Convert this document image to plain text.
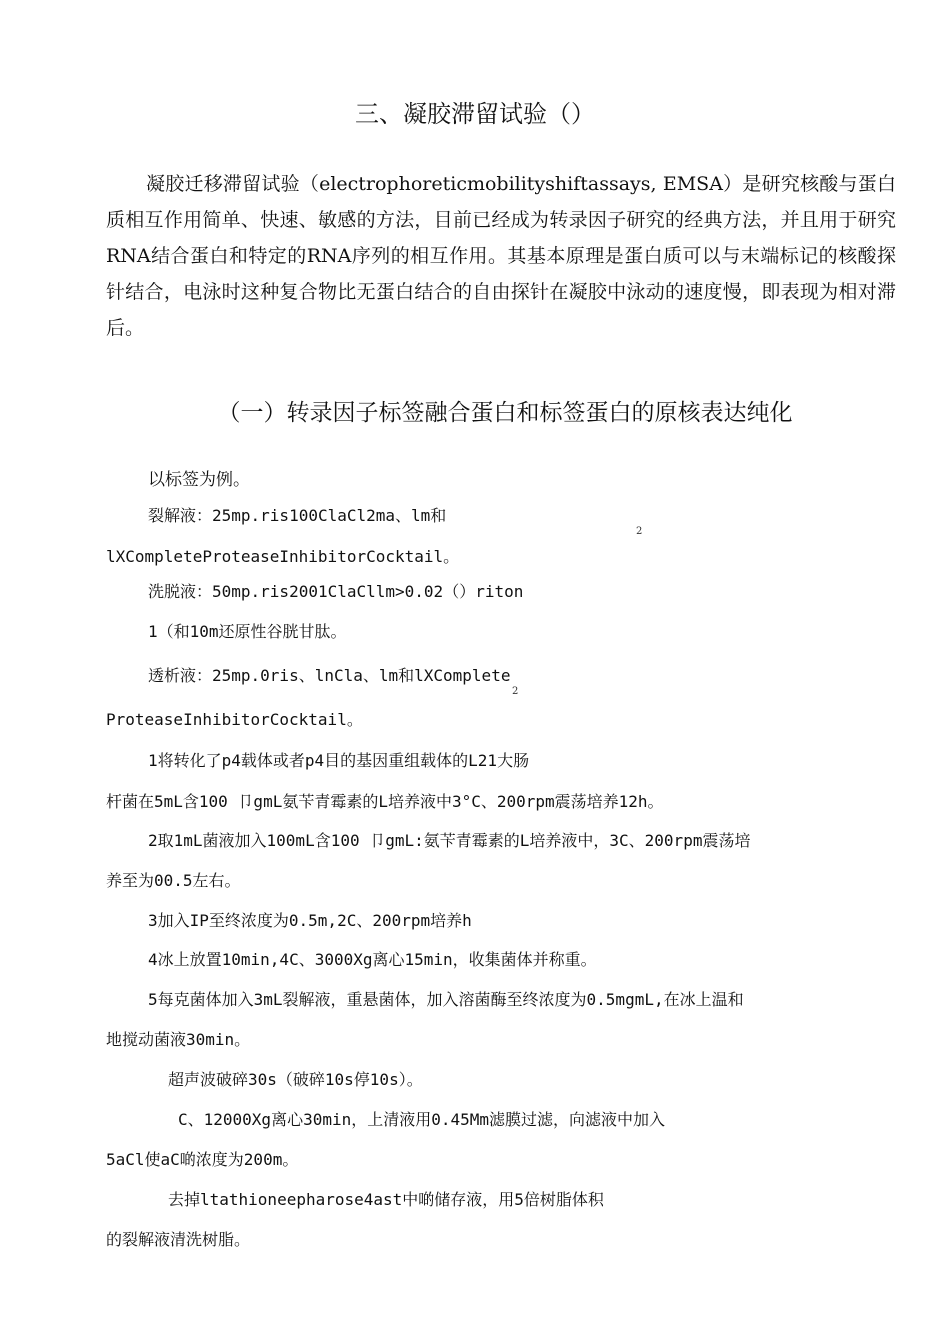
三、凝胶滞留试验（）

凝胶迁移滞留试验（electrophoreticmobilityshiftassays, EMSA）是研究核酸与蛋白质相互作用简单、快速、敏感的方法，目前已经成为转录因子研究的经典方法，并且用于研究RNA结合蛋白和特定的RNA序列的相互作用。其基本原理是蛋白质可以与末端标记的核酸探针结合，电泳时这种复合物比无蛋白结合的自由探针在凝胶中泳动的速度慢，即表现为相对滞后。

（一）转录因子标签融合蛋白和标签蛋白的原核表达纯化

以标签为例。

裂解液：25mp.ris100ClaCl2ma、lm和

2

lXCompleteProteaseInhibitorCocktail。

洗脱液：50mp.ris2001ClaCllm>0.02（）riton

1（和10m还原性谷胱甘肽。

透析液：25mp.0ris、lnCla、lm和lXComplete

2

ProteaseInhibitorCocktail。

1将转化了p4载体或者p4目的基因重组载体的L21大肠

杆菌在5mL含100 卩gmL氨苄青霉素的L培养液中3°C、200rpm震荡培养12h。

2取1mL菌液加入100mL含100 卩gmL:氨苄青霉素的L培养液中，3C、200rpm震荡培

养至为00.5左右。

3加入IP至终浓度为0.5m,2C、200rpm培养h

4冰上放置10min,4C、3000Xg离心15min，收集菌体并称重。

5每克菌体加入3mL裂解液，重悬菌体，加入溶菌酶至终浓度为0.5mgmL,在冰上温和

地搅动菌液30min。

超声波破碎30s（破碎10s停10s）。

C、12000Xg离心30min，上清液用0.45Mm滤膜过滤，向滤液中加入

5aCl使aC啲浓度为200m。

去掉ltathioneepharose4ast中啲储存液，用5倍树脂体积

的裂解液清洗树脂。
